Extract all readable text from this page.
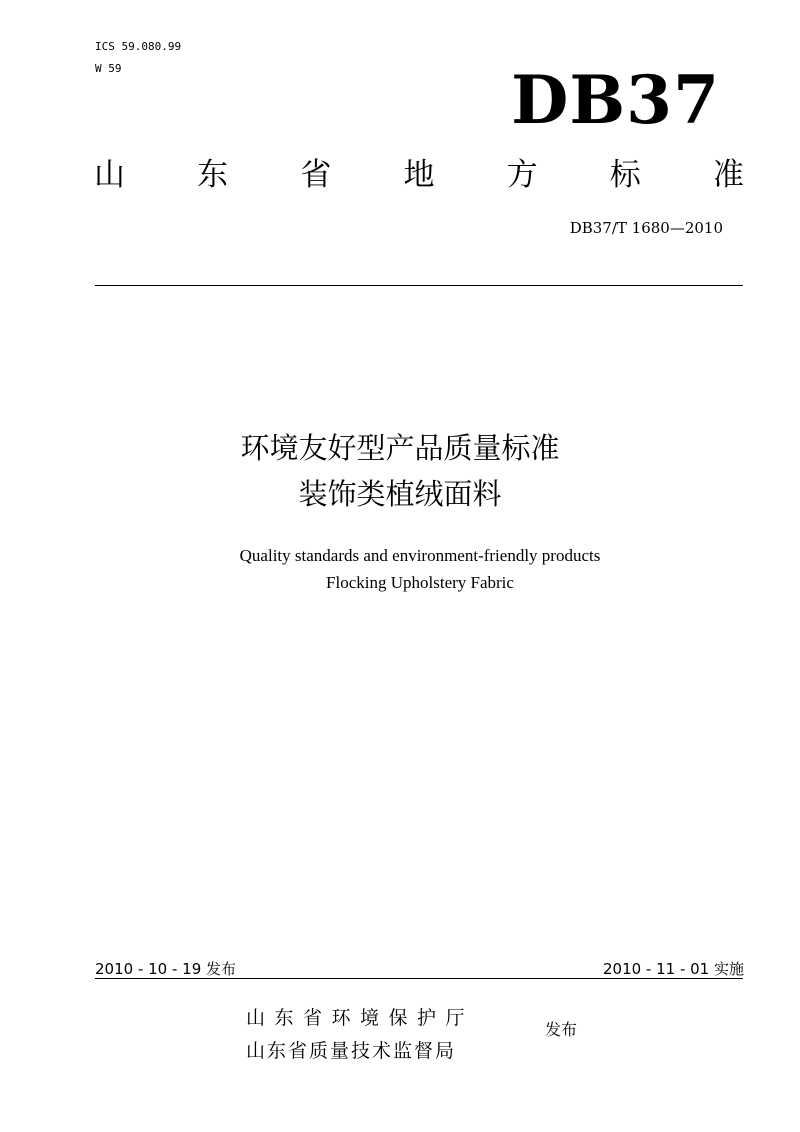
ICS 59.080.99
W 59	DB37
山 东 省 地 方 标 准
DB37/T 1680—2010
环境友好型产品质量标准
装饰类植绒面料
Quality standards and environment-friendly products
Flocking Upholstery Fabric
2010 - 10 - 19 发布	2010 - 11 - 01 实施
山东省环境保护厅
山东省质量技术监督局
发布
